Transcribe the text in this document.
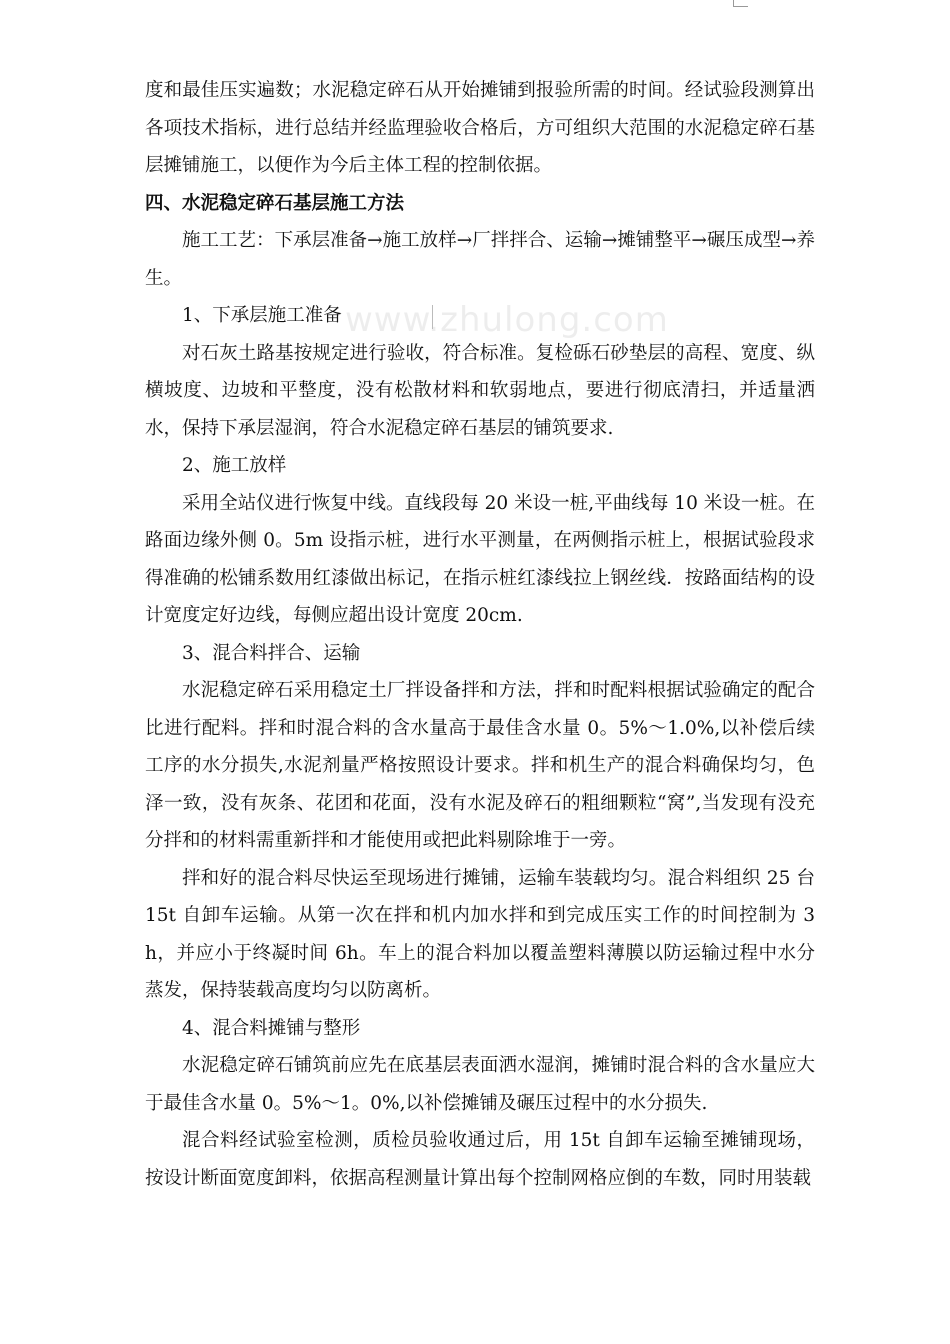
www.zhulong.com

度和最佳压实遍数；水泥稳定碎石从开始摊铺到报验所需的时间。经试验段测算出各项技术指标，进行总结并经监理验收合格后，方可组织大范围的水泥稳定碎石基层摊铺施工，以便作为今后主体工程的控制依据。

四、水泥稳定碎石基层施工方法

施工工艺：下承层准备→施工放样→厂拌拌合、运输→摊铺整平→碾压成型→养生。

1、下承层施工准备

对石灰土路基按规定进行验收，符合标准。复检砾石砂垫层的高程、宽度、纵横坡度、边坡和平整度，没有松散材料和软弱地点，要进行彻底清扫，并适量洒水，保持下承层湿润，符合水泥稳定碎石基层的铺筑要求.

2、施工放样

采用全站仪进行恢复中线。直线段每 20 米设一桩,平曲线每 10 米设一桩。在路面边缘外侧 0。5m 设指示桩，进行水平测量，在两侧指示桩上，根据试验段求得准确的松铺系数用红漆做出标记，在指示桩红漆线拉上钢丝线．按路面结构的设计宽度定好边线，每侧应超出设计宽度 20cm.

3、混合料拌合、运输

水泥稳定碎石采用稳定土厂拌设备拌和方法，拌和时配料根据试验确定的配合比进行配料。拌和时混合料的含水量高于最佳含水量 0。5%～1.0%,以补偿后续工序的水分损失,水泥剂量严格按照设计要求。拌和机生产的混合料确保均匀，色泽一致，没有灰条、花团和花面，没有水泥及碎石的粗细颗粒“窝”,当发现有没充分拌和的材料需重新拌和才能使用或把此料剔除堆于一旁。

拌和好的混合料尽快运至现场进行摊铺，运输车装载均匀。混合料组织 25 台 15t 自卸车运输。从第一次在拌和机内加水拌和到完成压实工作的时间控制为 3h，并应小于终凝时间 6h。车上的混合料加以覆盖塑料薄膜以防运输过程中水分蒸发，保持装载高度均匀以防离析。

4、混合料摊铺与整形

水泥稳定碎石铺筑前应先在底基层表面洒水湿润，摊铺时混合料的含水量应大于最佳含水量 0。5%～1。0%,以补偿摊铺及碾压过程中的水分损失.

混合料经试验室检测，质检员验收通过后，用 15t 自卸车运输至摊铺现场，按设计断面宽度卸料，依据高程测量计算出每个控制网格应倒的车数，同时用装载
